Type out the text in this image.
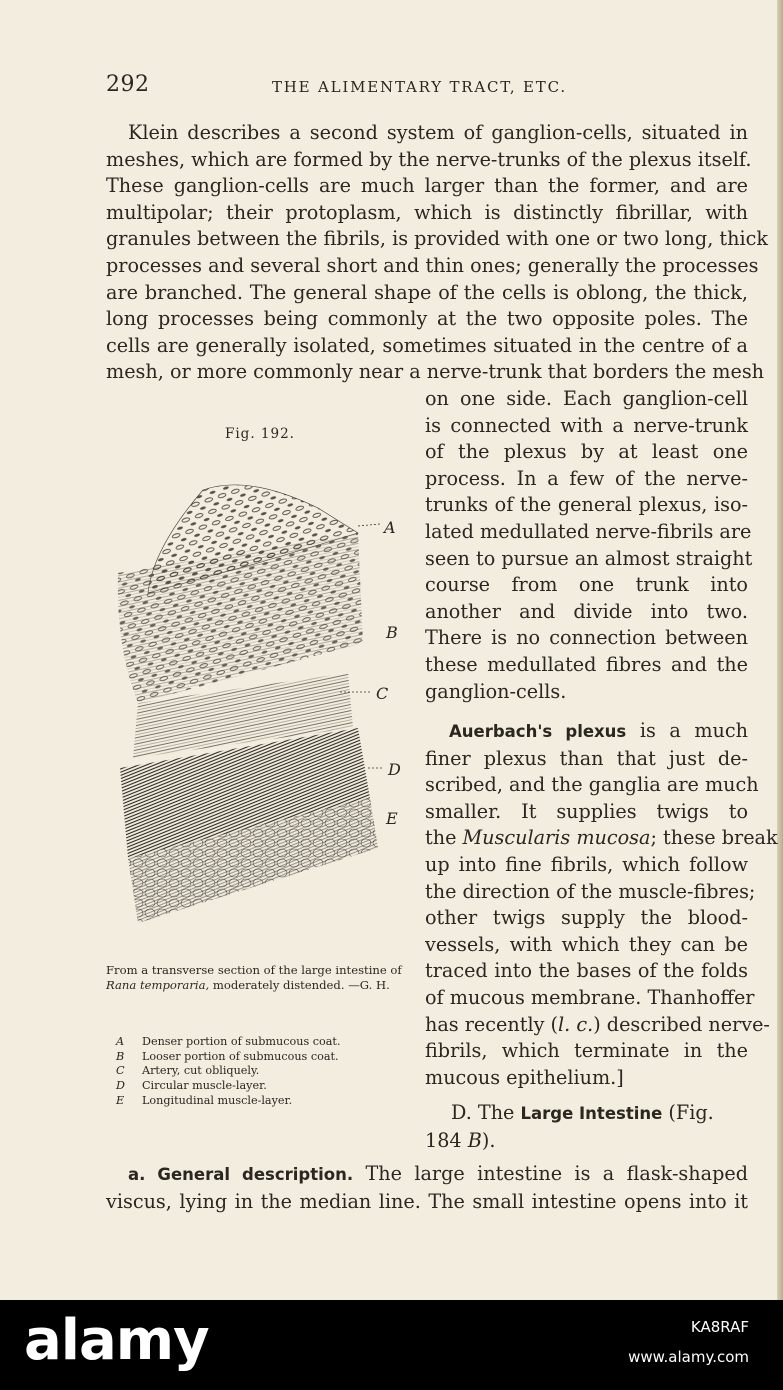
292	THE ALIMENTARY TRACT, ETC.
Klein describes a second system of ganglion-cells, situated in
meshes, which are formed by the nerve-trunks of the plexus itself.
These ganglion-cells are much larger than the former, and are
multipolar; their protoplasm, which is distinctly fibrillar, with
granules between the fibrils, is provided with one or two long, thick
processes and several short and thin ones; generally the processes
are branched. The general shape of the cells is oblong, the thick,
long processes being commonly at the two opposite poles. The
cells are generally isolated, sometimes situated in the centre of a
mesh, or more commonly near a nerve-trunk that borders the mesh
on one side. Each ganglion-cell
is connected with a nerve-trunk
of the plexus by at least one
process. In a few of the nerve-
trunks of the general plexus, iso-
lated medullated nerve-fibrils are
seen to pursue an almost straight
course from one trunk into
another and divide into two.
There is no connection between
these medullated fibres and the
ganglion-cells.
Auerbach's plexus is a much
finer plexus than that just de-
scribed, and the ganglia are much
smaller. It supplies twigs to
the Muscularis mucosa; these break
up into fine fibrils, which follow
the direction of the muscle-fibres;
other twigs supply the blood-
vessels, with which they can be
traced into the bases of the folds
of mucous membrane. Thanhoffer
has recently (l. c.) described nerve-
fibrils, which terminate in the
mucous epithelium.]
D. The Large Intestine (Fig.
184 B).
a. General description. The large intestine is a flask-shaped
viscus, lying in the median line. The small intestine opens into it
Fig. 192.
A
B
C
D
E
From a transverse section of the large intestine of Rana temporaria, moderately distended. —G. H.
A	Denser portion of submucous coat.
B	Looser portion of submucous coat.
C	Artery, cut obliquely.
D	Circular muscle-layer.
E	Longitudinal muscle-layer.
alamy	KA8RAF
www.alamy.com
